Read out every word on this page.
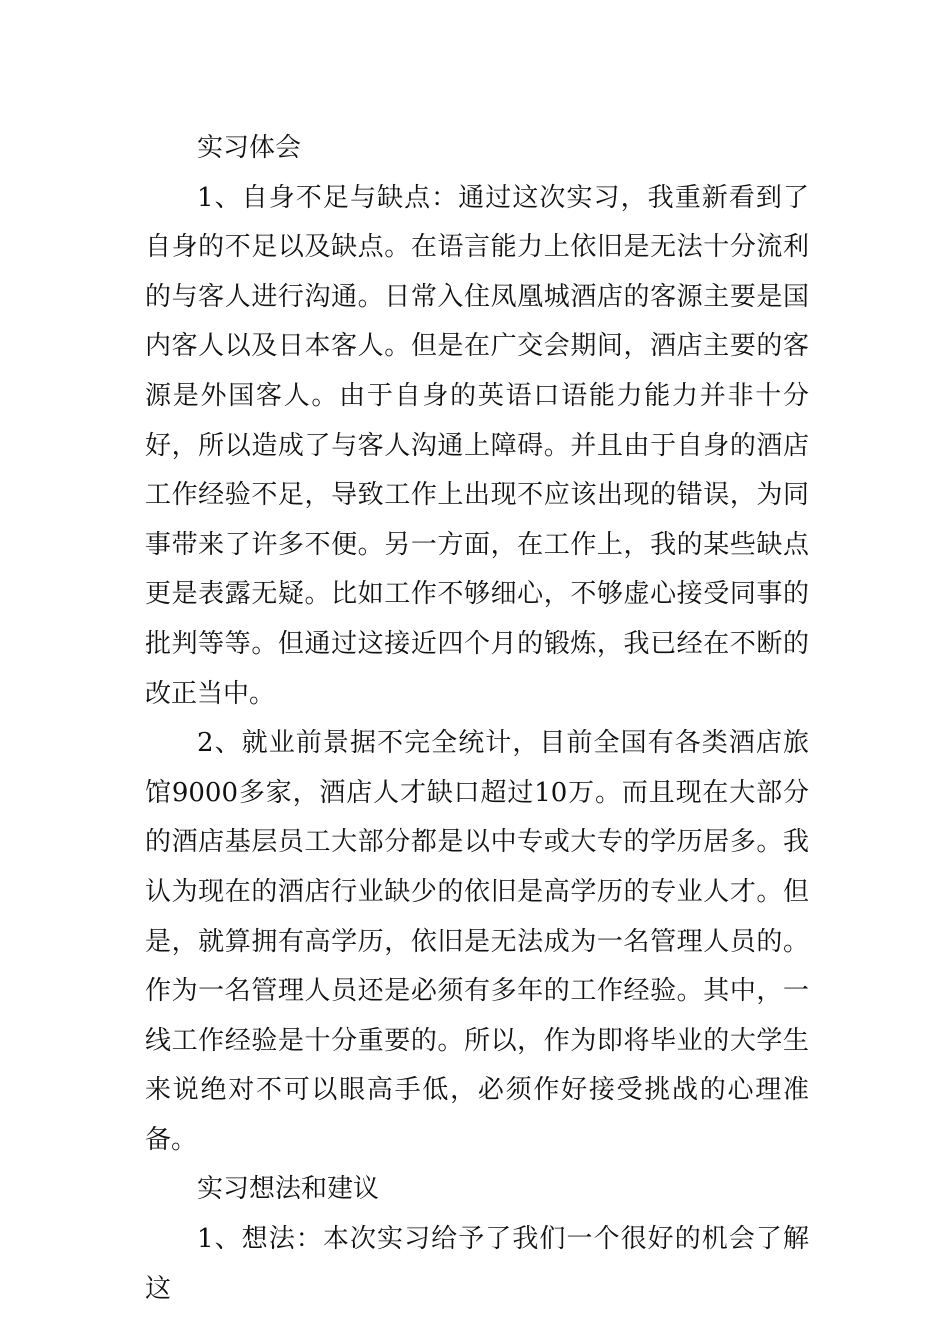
实习体会

1、自身不足与缺点：通过这次实习，我重新看到了自身的不足以及缺点。在语言能力上依旧是无法十分流利的与客人进行沟通。日常入住凤凰城酒店的客源主要是国内客人以及日本客人。但是在广交会期间，酒店主要的客源是外国客人。由于自身的英语口语能力能力并非十分好，所以造成了与客人沟通上障碍。并且由于自身的酒店工作经验不足，导致工作上出现不应该出现的错误，为同事带来了许多不便。另一方面，在工作上，我的某些缺点更是表露无疑。比如工作不够细心，不够虚心接受同事的批判等等。但通过这接近四个月的锻炼，我已经在不断的改正当中。

2、就业前景据不完全统计，目前全国有各类酒店旅馆9000多家，酒店人才缺口超过10万。而且现在大部分的酒店基层员工大部分都是以中专或大专的学历居多。我认为现在的酒店行业缺少的依旧是高学历的专业人才。但是，就算拥有高学历，依旧是无法成为一名管理人员的。作为一名管理人员还是必须有多年的工作经验。其中，一线工作经验是十分重要的。所以，作为即将毕业的大学生来说绝对不可以眼高手低，必须作好接受挑战的心理准备。

实习想法和建议

1、想法：本次实习给予了我们一个很好的机会了解这
